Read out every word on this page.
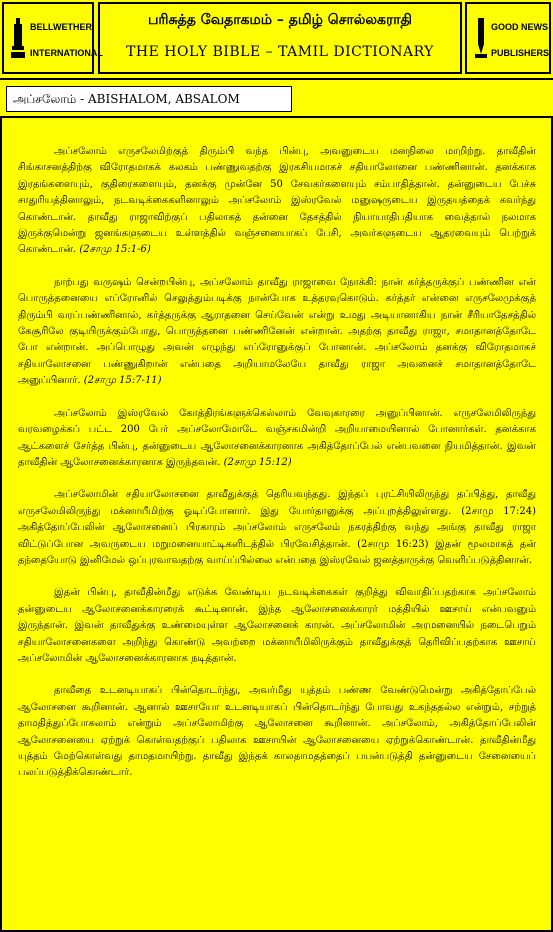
BELLWETHER
INTERNATIONAL
பரிசுத்த வேதாகமம் – தமிழ் சொல்லகராதி
THE HOLY BIBLE – TAMIL DICTIONARY
GOOD NEWS
PUBLISHERS
அப்சலோம் - ABISHALOM, ABSALOM

அப்சலோம் எருசலேமிற்குத் திரும்பி வந்த பின்பு, அவனுடைய மனநிலை மாறிற்று. தாவீதின் சிங்காசனத்திற்கு விரோதமாகக் கலகம் பண்ணுவதற்கு இரகசியமாகச் சதியாலோனை பண்ணினான். தனக்காக இரதங்களையும், குதிரைகளையும், தனக்கு முன்னே 50 சேவகர்களையும் சம்பாதித்தான். தன்னுடைய பேச்சு சாதுரியத்தினாலும், நடவடிக்கைகளினாலும் அப்சலோம் இஸ்ரவேல் மனுஷருடைய இருதயத்தைக் கவர்ந்து கொண்டான். தாவீது ராஜாவிற்குப் பதிலாகத் தன்னை தேசத்தில் நியாயாதிபதியாக வைத்தால் நலமாக இருக்குமென்று ஜனங்களுடைய உள்ளத்தில் வஞ்சனையாகப் பேசி, அவர்களுடைய ஆதரவையும் பெற்றுக் கொண்டான். (2சாமு 15:1-6)

நாற்பது வருஷம் சென்றபின்பு, அப்சலோம் தாவீது ராஜாவை நோக்கி: நான் கர்த்தருக்குப் பண்ணின என் பொருத்தனையை எப்ரோனில் செலுத்தும்படிக்கு நான்போக உத்தரவுகொடும். கர்த்தர் என்னை எருசலேமுக்குத் திரும்பி வரப்பண்ணினால், கர்த்தருக்கு ஆராதனை செய்வேன் என்று உமது அடியானாகிய நான் சீரியாதேசத்தில் கேசூரிலே குடியிருக்கும்போது, பொருத்தனை பண்ணினேன் என்றான். அதற்கு தாவீது ராஜா, சமாதானத்தோடே போ என்றான். அப்பொழுது அவன் எழுந்து எப்ரோனுக்குப் போனான். அப்சலோம் தனக்கு விரோதமாகச் சதியாலோசனை பண்ணுகிறான் என்பதை அறியாமலேயே தாவீது ராஜா அவனைச் சமாதானத்தோடே அனுப்பினார். (2சாமு 15:7-11)

அப்சலோம் இஸ்ரவேல் கோத்திரங்களுக்கெல்லாம் வேவுகாரரை அனுப்பினான். எருசலேமிலிருந்து வரவழைக்கப் பட்ட 200 பேர் அப்சலோமோடே வஞ்சகமின்றி அறியாமையினால் போனார்கள். தனக்காக ஆட்களைச் சேர்த்த பின்பு, தன்னுடைய ஆலோசனைக்காரனாக அகித்தோப்பேல் என்பவனை நியமித்தான். இவன் தாவீதின் ஆலோசனைக்காரனாக இருந்தவன். (2சாமு 15:12)

அப்சலோமின் சதியாலோசனை தாவீதுக்குத் தெரியவந்தது. இந்தப் புரட்சியிலிருந்து தப்பித்து, தாவீது எருசலேமிலிருந்து மக்னாயீமிற்கு ஓடிப்போனார். இது யோர்தானுக்கு அப்புறத்திலுள்ளது. (2சாமு 17:24) அகித்தோப்பேலின் ஆலோசனைப் பிரகாரம் அப்சலோம் எருசலேம் நகரத்திற்கு வந்து அங்கு தாவீது ராஜா விட்டுப்போன அவருடைய மறுமனையாட்டிகளிடத்தில் பிரவேசித்தான். (2சாமு 16:23) இதன் மூலமாகத் தன் தந்தையோடு இனிமேல் ஒப்புரவாவதற்கு வாய்ப்பில்லை என்பதை இஸ்ரவேல் ஜனத்தாருக்கு வெளிப்படுத்தினான்.

இதன் பின்பு, தாவீதின்மீது எடுக்க வேண்டிய நடவடிக்கைகள் குறித்து விவாதிப்பதற்காக அப்சலோம் தன்னுடைய ஆலோசனைக்காரரைக் கூட்டினான். இந்த ஆலோசனைக்காரர் மத்தியில் ஊசாய் என்பவனும் இருந்தான். இவன் தாவீதுக்கு உண்மையுள்ள ஆலோசனைக் காரன். அப்சலோமின் அரமனையில் நடைபெறும் சதியாலோசனைகளை அறிந்து கொண்டு அவற்றை மக்னாயீமிலிருக்கும் தாவீதுக்குத் தெரிவிப்பதற்காக ஊசாய் அப்சலோமின் ஆலோசனைக்காரனாக நடித்தான்.

தாவீதை உடனடியாகப் பின்தொடர்ந்து, அவர்மீது யுத்தம் பண்ண வேண்டுமென்று அகித்தோப்பேல் ஆலோசனை கூறினான். ஆனால் ஊசாயோ உடனடியாகப் பின்தொடர்ந்து போவது உகந்ததல்ல என்றும், சற்றுத் தாமதித்துப்போகலாம் என்றும் அப்சலோமிற்கு ஆலோசனை கூறினான். அப்சலோம், அகித்தோப்பேலின் ஆலோசனையை ஏற்றுக் கொள்வதற்குப் பதிலாக ஊசாயின் ஆலோசனையை ஏற்றுக்கொண்டான். தாவீதின்மீது யுத்தம் மேற்கொள்வது தாமதமாயிற்று. தாவீது இந்தக் காலதாமதத்தைப் பயன்படுத்தி தன்னுடைய சேனையைப் பலப்படுத்திக்கொண்டார்.
